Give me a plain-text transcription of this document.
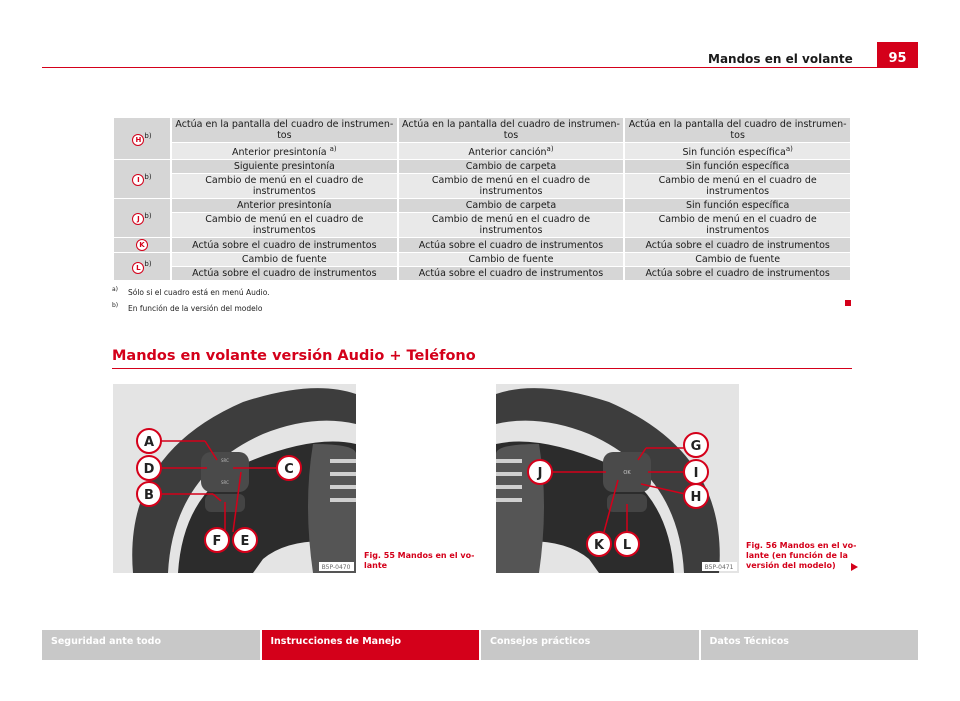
Mandos en el volante	95
H $^{b)}$	Actúa en la pantalla del cuadro de instrumen-tos	Actúa en la pantalla del cuadro de instrumen-tos	Actúa en la pantalla del cuadro de instrumen-tos
	Anterior presintonía $^{a)}$	Anterior canción$^{a)}$	Sin función específica$^{a)}$
I $^{b)}$	Siguiente presintonía	Cambio de carpeta	Sin función específica
	Cambio de menú en el cuadro de instrumentos	Cambio de menú en el cuadro de instrumentos	Cambio de menú en el cuadro de instrumentos
J $^{b)}$	Anterior presintonía	Cambio de carpeta	Sin función específica
	Cambio de menú en el cuadro de instrumentos	Cambio de menú en el cuadro de instrumentos	Cambio de menú en el cuadro de instrumentos
K	Actúa sobre el cuadro de instrumentos	Actúa sobre el cuadro de instrumentos	Actúa sobre el cuadro de instrumentos
L $^{b)}$	Cambio de fuente	Cambio de fuente	Cambio de fuente
	Actúa sobre el cuadro de instrumentos	Actúa sobre el cuadro de instrumentos	Actúa sobre el cuadro de instrumentos
a) Sólo si el cuadro está en menú Audio.
b) En función de la versión del modelo
Mandos en volante versión Audio + Teléfono
SRC
SRC
A
D
B
C
F E
B5P-0470
Fig. 55 Mandos en el vo-
lante
OK
G
J	I
H
K L
B5P-0471
Fig. 56 Mandos en el vo-
lante (en función de la
versión del modelo)
Seguridad ante todo	Instrucciones de Manejo	Consejos prácticos	Datos Técnicos
